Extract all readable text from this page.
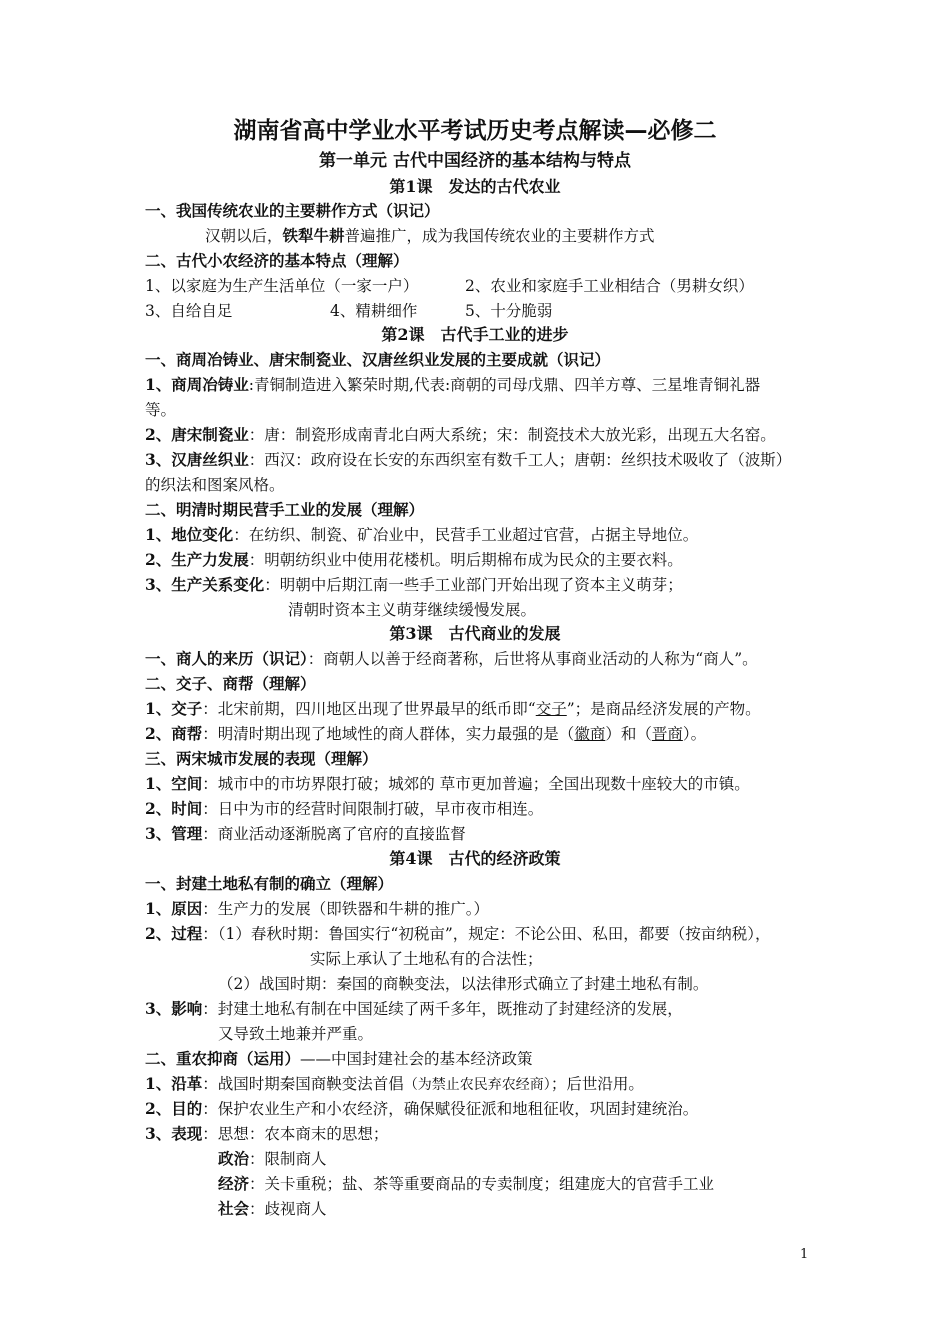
湖南省高中学业水平考试历史考点解读—必修二
第一单元 古代中国经济的基本结构与特点
第1课　发达的古代农业
一、我国传统农业的主要耕作方式（识记）
汉朝以后，铁犁牛耕普遍推广，成为我国传统农业的主要耕作方式
二、古代小农经济的基本特点（理解）
1、以家庭为生产生活单位（一家一户）	2、农业和家庭手工业相结合（男耕女织）
3、自给自足	4、精耕细作	5、十分脆弱
第2课　古代手工业的进步
一、商周冶铸业、唐宋制瓷业、汉唐丝织业发展的主要成就（识记）
1、商周冶铸业:青铜制造进入繁荣时期,代表:商朝的司母戊鼎、四羊方尊、三星堆青铜礼器
等。
2、唐宋制瓷业：唐：制瓷形成南青北白两大系统；宋：制瓷技术大放光彩，出现五大名窑。
3、汉唐丝织业：西汉：政府设在长安的东西织室有数千工人；唐朝：丝织技术吸收了（波斯）
的织法和图案风格。
二、明清时期民营手工业的发展（理解）
1、地位变化：在纺织、制瓷、矿冶业中，民营手工业超过官营，占据主导地位。
2、生产力发展：明朝纺织业中使用花楼机。明后期棉布成为民众的主要衣料。
3、生产关系变化：明朝中后期江南一些手工业部门开始出现了资本主义萌芽；
清朝时资本主义萌芽继续缓慢发展。
第3课　古代商业的发展
一、商人的来历（识记）：商朝人以善于经商著称，后世将从事商业活动的人称为“商人”。
二、交子、商帮（理解）
1、交子：北宋前期，四川地区出现了世界最早的纸币即“交子”；是商品经济发展的产物。
2、商帮：明清时期出现了地域性的商人群体，实力最强的是（徽商）和（晋商）。
三、两宋城市发展的表现（理解）
1、空间：城市中的市坊界限打破；城郊的 草市更加普遍；全国出现数十座较大的市镇。
2、时间：日中为市的经营时间限制打破，早市夜市相连。
3、管理：商业活动逐渐脱离了官府的直接监督
第4课　古代的经济政策
一、封建土地私有制的确立（理解）
1、原因：生产力的发展（即铁器和牛耕的推广。）
2、过程：（1）春秋时期：鲁国实行“初税亩”，规定：不论公田、私田，都要（按亩纳税），
实际上承认了土地私有的合法性；
（2）战国时期：秦国的商鞅变法，以法律形式确立了封建土地私有制。
3、影响：封建土地私有制在中国延续了两千多年，既推动了封建经济的发展，
又导致土地兼并严重。
二、重农抑商（运用）——中国封建社会的基本经济政策
1、沿革：战国时期秦国商鞅变法首倡（为禁止农民弃农经商）；后世沿用。
2、目的：保护农业生产和小农经济，确保赋役征派和地租征收，巩固封建统治。
3、表现：思想：农本商末的思想；
政治：限制商人
经济：关卡重税；盐、茶等重要商品的专卖制度；组建庞大的官营手工业
社会：歧视商人
1
